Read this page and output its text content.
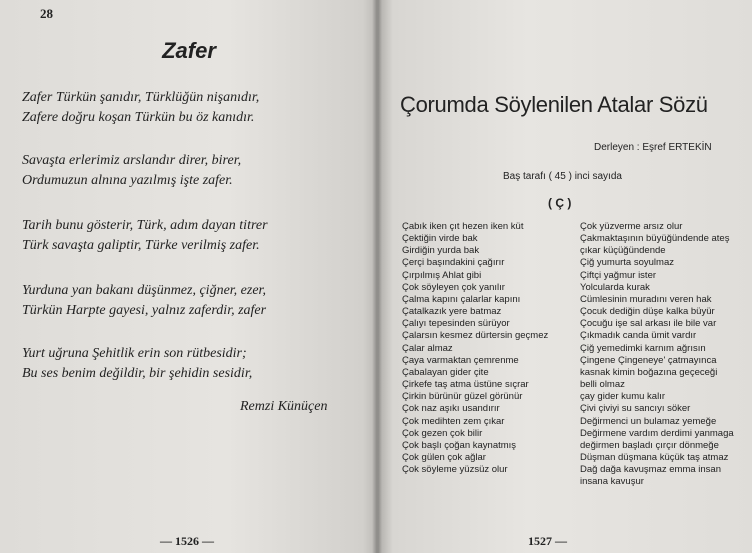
28
Zafer
Zafer Türkün şanıdır, Türklüğün nişanıdır,
Zafere doğru koşan Türkün bu öz kanıdır.
Savaşta erlerimiz arslandır direr, birer,
Ordumuzun alnına yazılmış işte zafer.
Tarih bunu gösterir, Türk, adım dayan titrer
Türk savaşta galiptir, Türke verilmiş zafer.
Yurduna yan bakanı düşünmez, çiğner, ezer,
Türkün Harpte gayesi, yalnız zaferdir, zafer
Yurt uğruna Şehitlik erin son rütbesidir;
Bu ses benim değildir, bir şehidin sesidir,
Remzi Künüçen
— 1526 —
Çorumda Söylenilen Atalar Sözü
Derleyen : Eşref ERTEKİN
Baş tarafı ( 45 ) inci sayıda
( Ç )
Çabık iken çıt hezen iken küt
Çektiğin virde bak
Girdiğin yurda bak
Çerçi başındakini çağırır
Çırpılmış Ahlat gibi
Çok söyleyen çok yanılır
Çalma kapını çalarlar kapını
Çatalkazık yere batmaz
Çalıyı tepesinden sürüyor
Çalarsın kesmez dürtersin geçmez
Çalar almaz
Çaya varmaktan çemrenme
Çabalayan gider çite
Çirkefe taş atma üstüne sıçrar
Çirkin bürünür güzel görünür
Çok naz aşıkı usandırır
Çok medihten zem çıkar
Çok gezen çok bilir
Çok başlı çoğan kaynatmış
Çok gülen çok ağlar
Çok söyleme yüzsüz olur
Çok yüzverme arsız olur
Çakmaktaşının büyüğündende ateş
çıkar küçüğündende
Çiğ yumurta soyulmaz
Çiftçi yağmur ister
Yolcularda kurak
Cümlesinin muradını veren hak
Çocuk dediğin düşe kalka büyür
Çocuğu işe sal arkası ile bile var
Çıkmadık canda ümit vardır
Çiğ yemedimki karnım ağrısın
Çingene Çingeneye' çatmayınca
kasnak kimin boğazına geçeceği
belli olmaz
çay gider kumu kalır
Çivi çiviyi su sancıyı söker
Değirmenci un bulamaz yemeğe
Değirmene vardım derdimi yanmaga
değirmen başladı çırçır dönmeğe
Düşman düşmana küçük taş atmaz
Dağ dağa kavuşmaz emma insan
insana kavuşur
1527 —
